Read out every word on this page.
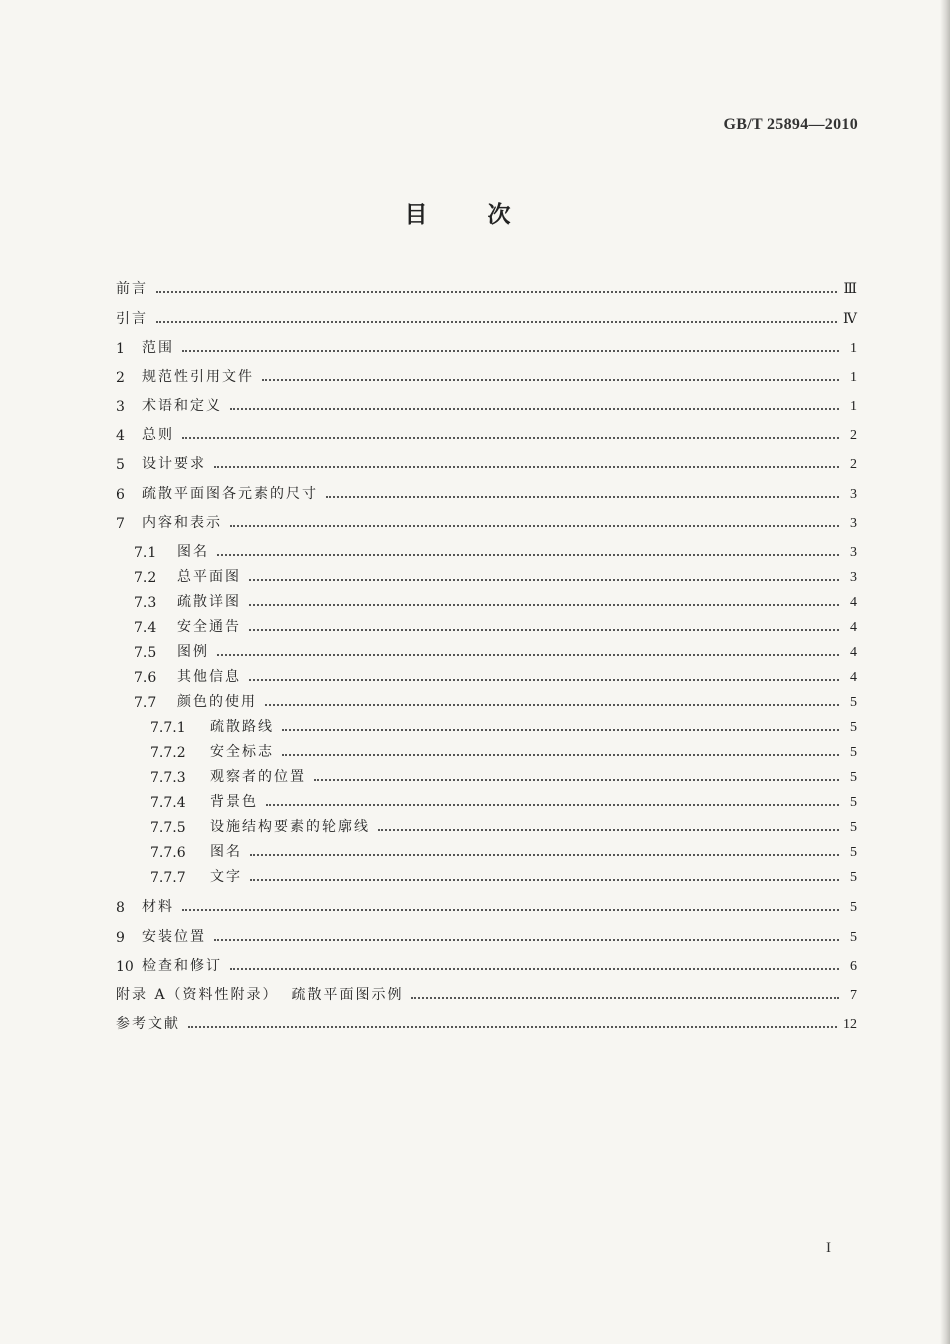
GB/T 25894—2010
目次
前言	Ⅲ
引言	Ⅳ
1	范围	1
2	规范性引用文件	1
3	术语和定义	1
4	总则	2
5	设计要求	2
6	疏散平面图各元素的尺寸	3
7	内容和表示	3
7.1	图名	3
7.2	总平面图	3
7.3	疏散详图	4
7.4	安全通告	4
7.5	图例	4
7.6	其他信息	4
7.7	颜色的使用	5
7.7.1	疏散路线	5
7.7.2	安全标志	5
7.7.3	观察者的位置	5
7.7.4	背景色	5
7.7.5	设施结构要素的轮廓线	5
7.7.6	图名	5
7.7.7	文字	5
8	材料	5
9	安装位置	5
10 检查和修订	6
附录 A（资料性附录）  疏散平面图示例	7
参考文献	12
I
